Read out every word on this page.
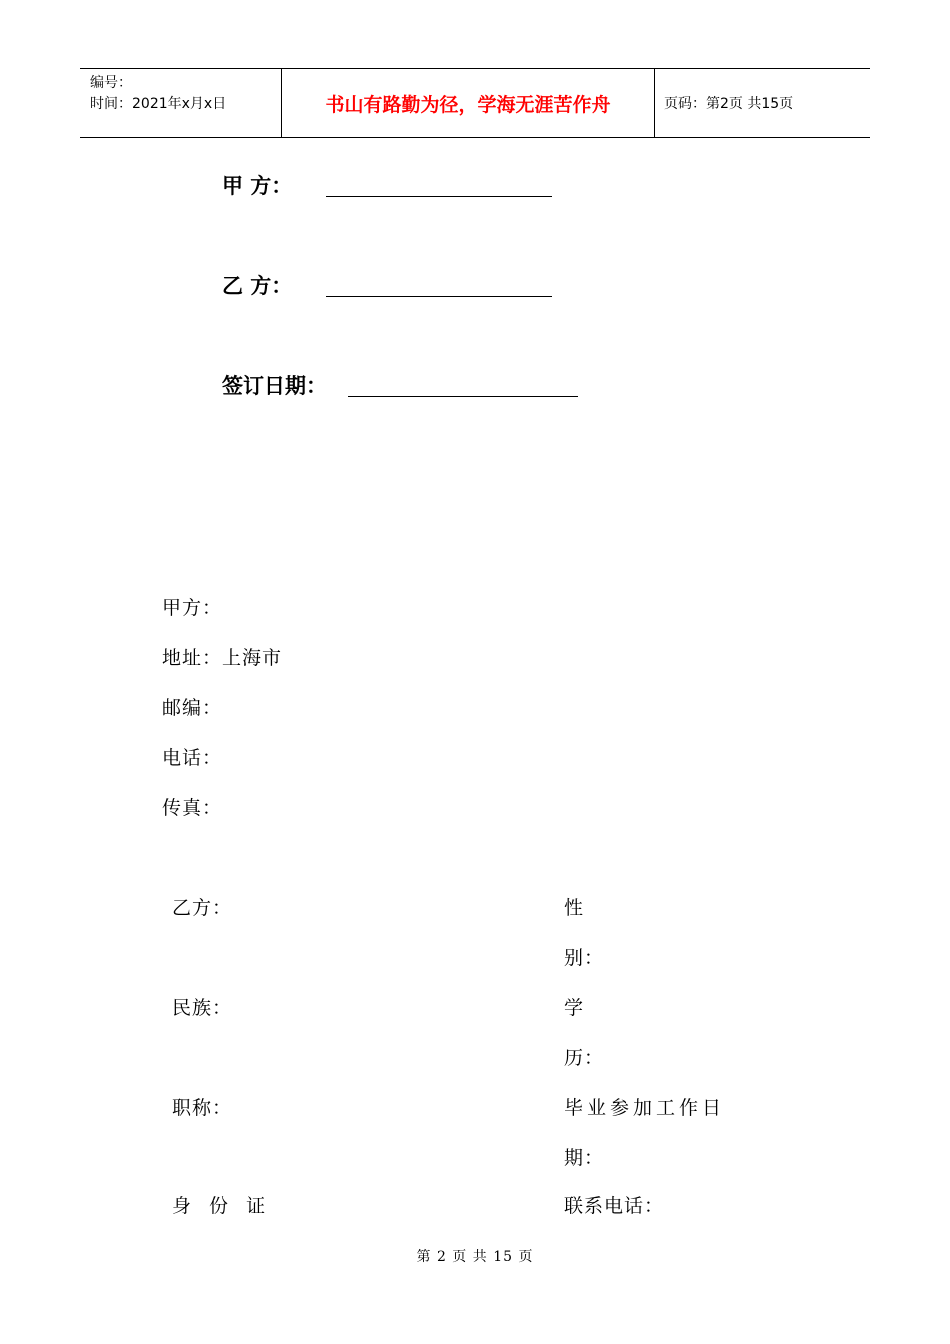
编号：
时间：2021年x月x日	书山有路勤为径，学海无涯苦作舟	页码：第2页 共15页
甲 方：
乙 方：
签订日期：
甲方：
地址：上海市
邮编：
电话：
传真：
乙方：	性
别：
民族：	学
历：
职称：	毕业参加工作日
期：
身 份 证	联系电话：
第 2 页 共 15 页
